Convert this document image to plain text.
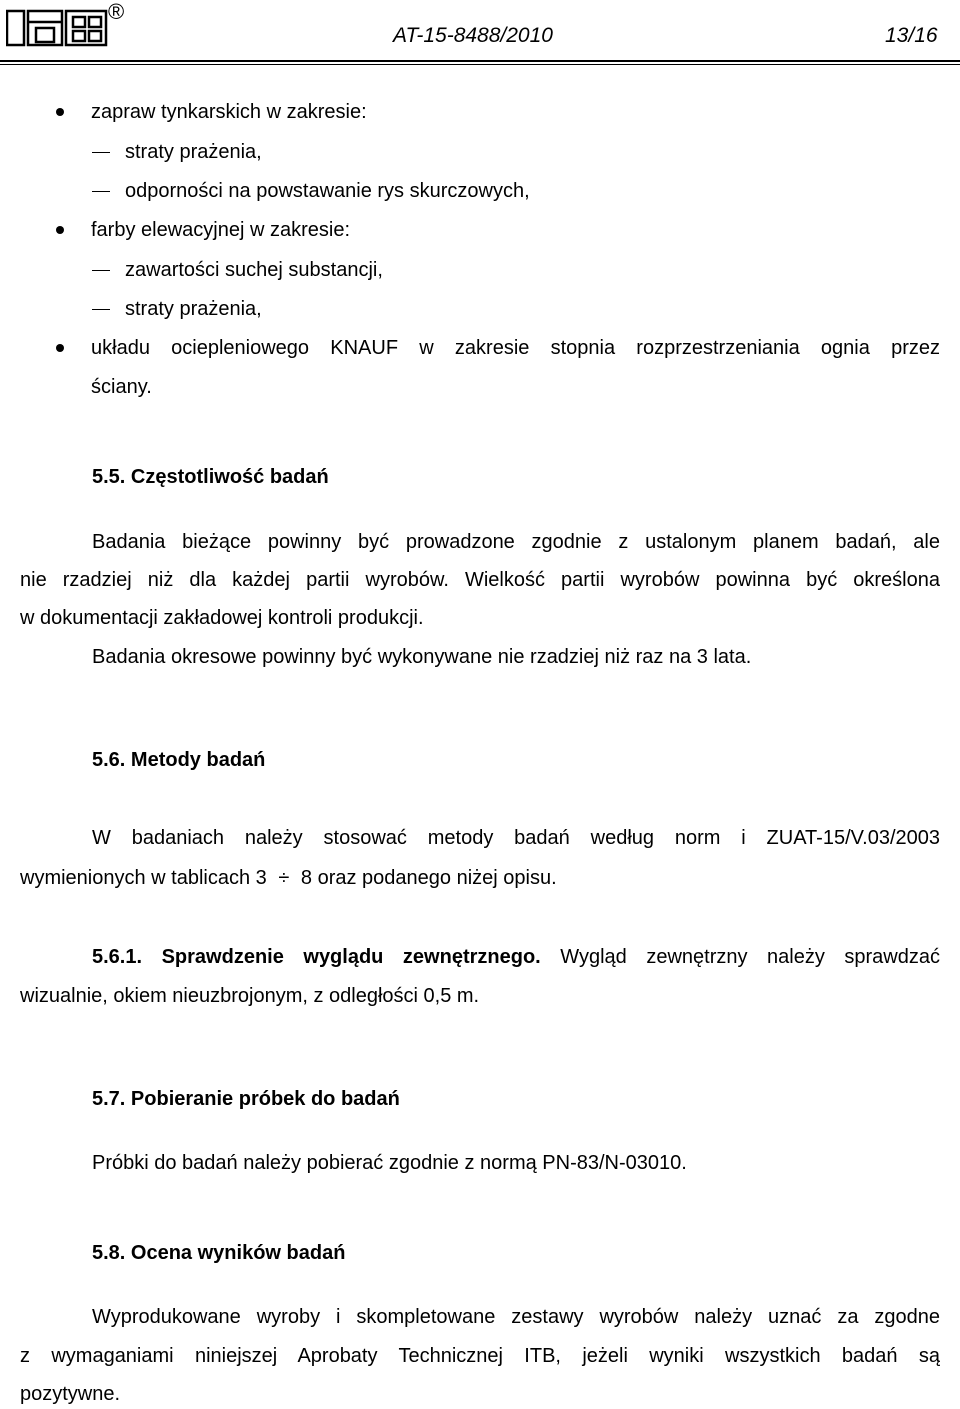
®
AT-15-8488/2010	13/16
zapraw tynkarskich w zakresie:
straty prażenia,
odporności na powstawanie rys skurczowych,
farby elewacyjnej w zakresie:
zawartości suchej substancji,
straty prażenia,
układu ociepleniowego KNAUF w zakresie stopnia rozprzestrzeniania ognia przez
ściany.
5.5. Częstotliwość badań
Badania bieżące powinny być prowadzone zgodnie z ustalonym planem badań, ale
nie rzadziej niż dla każdej partii wyrobów. Wielkość partii wyrobów powinna być określona
w dokumentacji zakładowej kontroli produkcji.
Badania okresowe powinny być wykonywane nie rzadziej niż raz na 3 lata.
5.6. Metody badań
W badaniach należy stosować metody badań według norm i ZUAT-15/V.03/2003
wymienionych w tablicach 3 ÷ 8 oraz podanego niżej opisu.
5.6.1. Sprawdzenie wyglądu zewnętrznego. Wygląd zewnętrzny należy sprawdzać
wizualnie, okiem nieuzbrojonym, z odległości 0,5 m.
5.7. Pobieranie próbek do badań
Próbki do badań należy pobierać zgodnie z normą PN-83/N-03010.
5.8. Ocena wyników badań
Wyprodukowane wyroby i skompletowane zestawy wyrobów należy uznać za zgodne
z wymaganiami niniejszej Aprobaty Technicznej ITB, jeżeli wyniki wszystkich badań są
pozytywne.
